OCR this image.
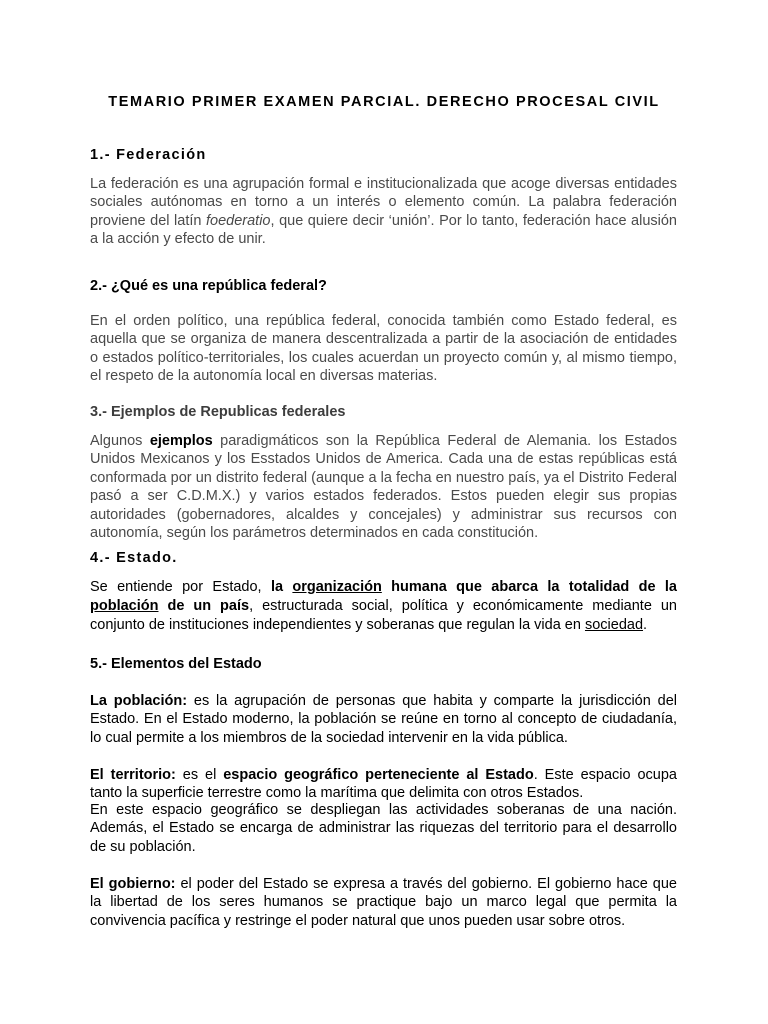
TEMARIO PRIMER EXAMEN PARCIAL. DERECHO PROCESAL CIVIL
1.- Federación

La federación es una agrupación formal e institucionalizada que acoge diversas entidades sociales autónomas en torno a un interés o elemento común. La palabra federación proviene del latín foederatio, que quiere decir ‘unión’. Por lo tanto, federación hace alusión a la acción y efecto de unir.

2.- ¿Qué es una república federal?

En el orden político, una república federal, conocida también como Estado federal, es aquella que se organiza de manera descentralizada a partir de la asociación de entidades o estados político-territoriales, los cuales acuerdan un proyecto común y, al mismo tiempo, el respeto de la autonomía local en diversas materias.

3.- Ejemplos de Republicas federales

Algunos ejemplos paradigmáticos son la República Federal de Alemania. los Estados Unidos Mexicanos y los Esstados Unidos de America. Cada una de estas repúblicas está conformada por un distrito federal (aunque a la fecha en nuestro país, ya el Distrito Federal pasó a ser C.D.M.X.) y varios estados federados. Estos pueden elegir sus propias autoridades (gobernadores, alcaldes y concejales) y administrar sus recursos con autonomía, según los parámetros determinados en cada constitución.

4.- Estado.

Se entiende por Estado, la organización humana que abarca la totalidad de la población de un país, estructurada social, política y económicamente mediante un conjunto de instituciones independientes y soberanas que regulan la vida en sociedad.

5.- Elementos del Estado

La población: es la agrupación de personas que habita y comparte la jurisdicción del Estado. En el Estado moderno, la población se reúne en torno al concepto de ciudadanía, lo cual permite a los miembros de la sociedad intervenir en la vida pública.

El territorio: es el espacio geográfico perteneciente al Estado. Este espacio ocupa tanto la superficie terrestre como la marítima que delimita con otros Estados.

En este espacio geográfico se despliegan las actividades soberanas de una nación. Además, el Estado se encarga de administrar las riquezas del territorio para el desarrollo de su población.

El gobierno: el poder del Estado se expresa a través del gobierno. El gobierno hace que la libertad de los seres humanos se practique bajo un marco legal que permita la convivencia pacífica y restringe el poder natural que unos pueden usar sobre otros.
